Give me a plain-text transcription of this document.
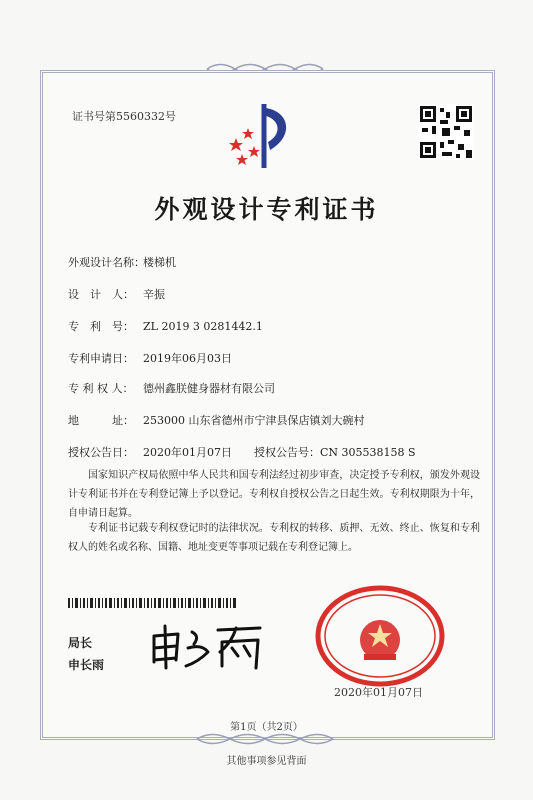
证书号第5560332号
外观设计专利证书
外观设计名称：楼梯机
设　计　人： 辛振
专　利　号： ZL 2019 3 0281442.1
专利申请日： 2019年06月03日
专 利 权 人： 德州鑫朕健身器材有限公司
地　　　址： 253000 山东省德州市宁津县保店镇刘大碗村
授权公告日： 2020年01月07日　　授权公告号：CN 305538158 S
国家知识产权局依照中华人民共和国专利法经过初步审查，决定授予专利权，颁发外观设计专利证书并在专利登记簿上予以登记。专利权自授权公告之日起生效。专利权期限为十年，自申请日起算。
专利证书记载专利权登记时的法律状况。专利权的转移、质押、无效、终止、恢复和专利权人的姓名或名称、国籍、地址变更等事项记载在专利登记簿上。
局长
申长雨
2020年01月07日
第1页（共2页）
其他事项参见背面
